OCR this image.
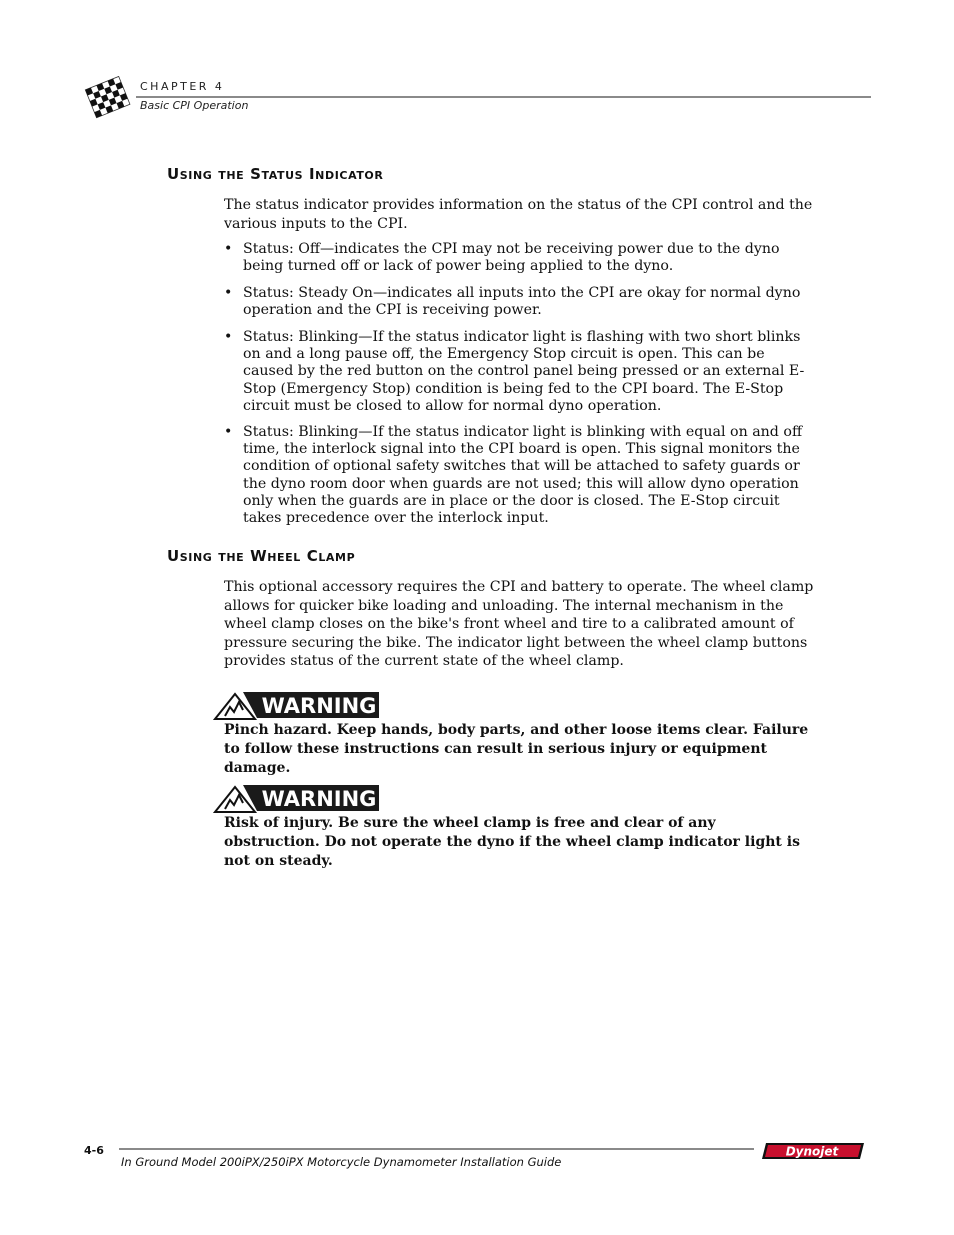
CHAPTER 4
Basic CPI Operation
Using the Status Indicator

The status indicator provides information on the status of the CPI control and the various inputs to the CPI.

• Status: Off—indicates the CPI may not be receiving power due to the dyno being turned off or lack of power being applied to the dyno.
• Status: Steady On—indicates all inputs into the CPI are okay for normal dyno operation and the CPI is receiving power.
• Status: Blinking—If the status indicator light is flashing with two short blinks on and a long pause off, the Emergency Stop circuit is open. This can be caused by the red button on the control panel being pressed or an external E-Stop (Emergency Stop) condition is being fed to the CPI board. The E-Stop circuit must be closed to allow for normal dyno operation.
• Status: Blinking—If the status indicator light is blinking with equal on and off time, the interlock signal into the CPI board is open. This signal monitors the condition of optional safety switches that will be attached to safety guards or the dyno room door when guards are not used; this will allow dyno operation only when the guards are in place or the door is closed. The E-Stop circuit takes precedence over the interlock input.
Using the Wheel Clamp

This optional accessory requires the CPI and battery to operate. The wheel clamp allows for quicker bike loading and unloading. The internal mechanism in the wheel clamp closes on the bike's front wheel and tire to a calibrated amount of pressure securing the bike. The indicator light between the wheel clamp buttons provides status of the current state of the wheel clamp.

WARNING

Pinch hazard. Keep hands, body parts, and other loose items clear. Failure to follow these instructions can result in serious injury or equipment damage.

WARNING

Risk of injury. Be sure the wheel clamp is free and clear of any obstruction. Do not operate the dyno if the wheel clamp indicator light is not on steady.

4-6
In Ground Model 200iPX/250iPX Motorcycle Dynamometer Installation Guide
Dynojet
